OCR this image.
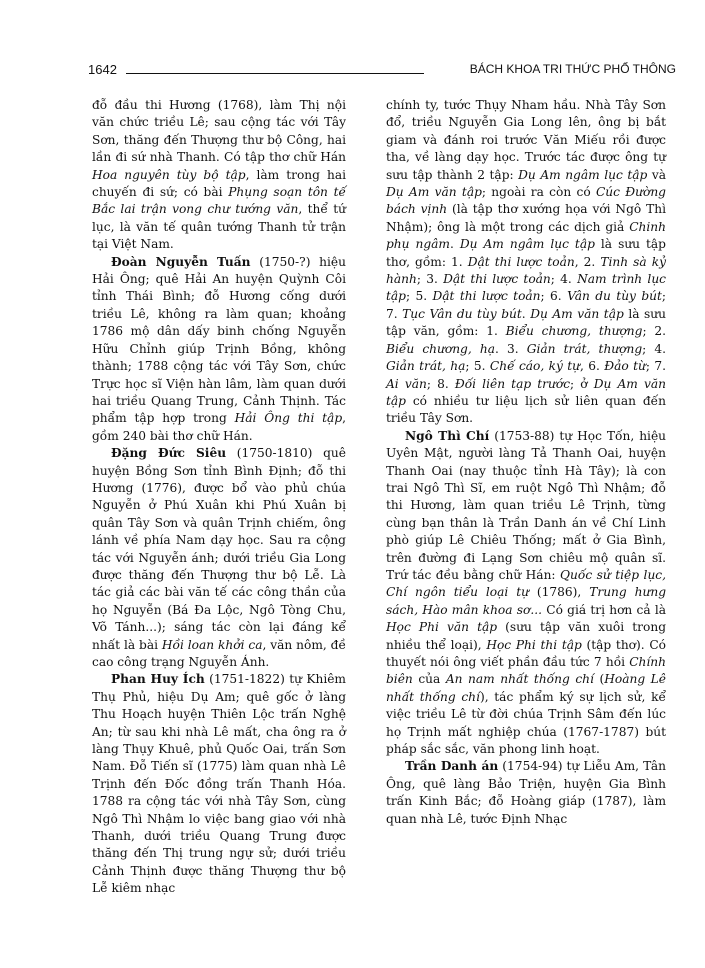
1642	BÁCH KHOA TRI THỨC PHỔ THÔNG

đỗ đầu thi Hương (1768), làm Thị nội văn chức triều Lê; sau cộng tác với Tây Sơn, thăng đến Thượng thư bộ Công, hai lần đi sứ nhà Thanh. Có tập thơ chữ Hán Hoa nguyên tùy bộ tập, làm trong hai chuyến đi sứ; có bài Phụng soạn tôn tế Bắc lai trận vong chư tướng văn, thể tứ lục, là văn tế quân tướng Thanh tử trận tại Việt Nam.

Đoàn Nguyễn Tuấn (1750-?) hiệu Hải Ông; quê Hải An huyện Quỳnh Côi tỉnh Thái Bình; đỗ Hương cống dưới triều Lê, không ra làm quan; khoảng 1786 mộ dân dấy binh chống Nguyễn Hữu Chỉnh giúp Trịnh Bồng, không thành; 1788 cộng tác với Tây Sơn, chức Trực học sĩ Viện hàn lâm, làm quan dưới hai triều Quang Trung, Cảnh Thịnh. Tác phẩm tập hợp trong Hải Ông thi tập, gồm 240 bài thơ chữ Hán.

Đặng Đức Siêu (1750-1810) quê huyện Bồng Sơn tỉnh Bình Định; đỗ thi Hương (1776), được bổ vào phủ chúa Nguyễn ở Phú Xuân khi Phú Xuân bị quân Tây Sơn và quân Trịnh chiếm, ông lánh về phía Nam dạy học. Sau ra cộng tác với Nguyễn ánh; dưới triều Gia Long được thăng đến Thượng thư bộ Lễ. Là tác giả các bài văn tế các công thần của họ Nguyễn (Bá Đa Lộc, Ngô Tòng Chu, Võ Tánh...); sáng tác còn lại đáng kể nhất là bài Hồi loan khởi ca, văn nôm, đề cao công trạng Nguyễn Ánh.

Phan Huy Ích (1751-1822) tự Khiêm Thụ Phủ, hiệu Dụ Am; quê gốc ở làng Thu Hoạch huyện Thiên Lộc trấn Nghệ An; từ sau khi nhà Lê mất, cha ông ra ở làng Thụy Khuê, phủ Quốc Oai, trấn Sơn Nam. Đỗ Tiến sĩ (1775) làm quan nhà Lê Trịnh đến Đốc đồng trấn Thanh Hóa. 1788 ra cộng tác với nhà Tây Sơn, cùng Ngô Thì Nhậm lo việc bang giao với nhà Thanh, dưới triều Quang Trung được thăng đến Thị trung ngự sử; dưới triều Cảnh Thịnh được thăng Thượng thư bộ Lễ kiêm nhạc

chính ty, tước Thụy Nham hầu. Nhà Tây Sơn đổ, triều Nguyễn Gia Long lên, ông bị bắt giam và đánh roi trước Văn Miếu rồi được tha, về làng dạy học. Trước tác được ông tự sưu tập thành 2 tập: Dụ Am ngâm lục tập và Dụ Am văn tập; ngoài ra còn có Cúc Đường bách vịnh (là tập thơ xướng họa với Ngô Thì Nhậm); ông là một trong các dịch giả Chinh phụ ngâm. Dụ Am ngâm lục tập là sưu tập thơ, gồm: 1. Dật thi lược toản, 2. Tinh sà kỷ hành; 3. Dật thi lược toản; 4. Nam trình lục tập; 5. Dật thi lược toản; 6. Vân du tùy bút; 7. Tục Vân du tùy bút. Dụ Am văn tập là sưu tập văn, gồm: 1. Biểu chương, thượng; 2. Biểu chương, hạ. 3. Giản trát, thượng; 4. Giản trát, hạ; 5. Chế cáo, ký tự, 6. Đảo từ; 7. Ai văn; 8. Đối liên tạp trước; ở Dụ Am văn tập có nhiều tư liệu lịch sử liên quan đến triều Tây Sơn.

Ngô Thì Chí (1753-88) tự Học Tốn, hiệu Uyên Mật, người làng Tả Thanh Oai, huyện Thanh Oai (nay thuộc tỉnh Hà Tây); là con trai Ngô Thì Sĩ, em ruột Ngô Thì Nhậm; đỗ thi Hương, làm quan triều Lê Trịnh, từng cùng bạn thân là Trần Danh án về Chí Linh phò giúp Lê Chiêu Thống; mất ở Gia Bình, trên đường đi Lạng Sơn chiêu mộ quân sĩ. Trứ tác đều bằng chữ Hán: Quốc sử tiệp lục, Chí ngôn tiểu loại tự (1786), Trung hưng sách, Hào mân khoa sơ... Có giá trị hơn cả là Học Phi văn tập (sưu tập văn xuôi trong nhiều thể loại), Học Phi thi tập (tập thơ). Có thuyết nói ông viết phần đầu tức 7 hồi Chính biên của An nam nhất thống chí (Hoàng Lê nhất thống chí), tác phẩm ký sự lịch sử, kể việc triều Lê từ đời chúa Trịnh Sâm đến lúc họ Trịnh mất nghiệp chúa (1767-1787) bút pháp sắc sắc, văn phong linh hoạt.

Trần Danh án (1754-94) tự Liễu Am, Tân Ông, quê làng Bảo Triện, huyện Gia Bình trấn Kinh Bắc; đỗ Hoàng giáp (1787), làm quan nhà Lê, tước Định Nhạc
